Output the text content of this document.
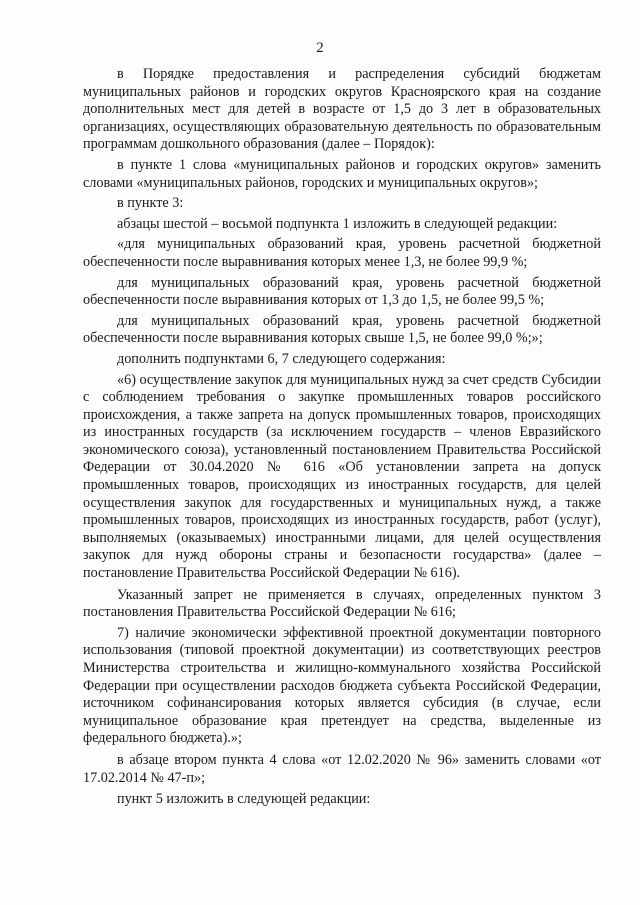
2

в Порядке предоставления и распределения субсидий бюджетам муниципальных районов и городских округов Красноярского края на создание дополнительных мест для детей в возрасте от 1,5 до 3 лет в образовательных организациях, осуществляющих образовательную деятельность по образовательным программам дошкольного образования (далее – Порядок):

в пункте 1 слова «муниципальных районов и городских округов» заменить словами «муниципальных районов, городских и муниципальных округов»;

в пункте 3:

абзацы шестой – восьмой подпункта 1 изложить в следующей редакции:

«для муниципальных образований края, уровень расчетной бюджетной обеспеченности после выравнивания которых менее 1,3, не более 99,9 %;

для муниципальных образований края, уровень расчетной бюджетной обеспеченности после выравнивания которых от 1,3 до 1,5, не более 99,5 %;

для муниципальных образований края, уровень расчетной бюджетной обеспеченности после выравнивания которых свыше 1,5, не более 99,0 %;»;

дополнить подпунктами 6, 7 следующего содержания:

«6) осуществление закупок для муниципальных нужд за счет средств Субсидии с соблюдением требования о закупке промышленных товаров российского происхождения, а также запрета на допуск промышленных товаров, происходящих из иностранных государств (за исключением государств – членов Евразийского экономического союза), установленный постановлением Правительства Российской Федерации от 30.04.2020 № 616 «Об установлении запрета на допуск промышленных товаров, происходящих из иностранных государств, для целей осуществления закупок для государственных и муниципальных нужд, а также промышленных товаров, происходящих из иностранных государств, работ (услуг), выполняемых (оказываемых) иностранными лицами, для целей осуществления закупок для нужд обороны страны и безопасности государства» (далее – постановление Правительства Российской Федерации № 616).

Указанный запрет не применяется в случаях, определенных пунктом 3 постановления Правительства Российской Федерации № 616;

7) наличие экономически эффективной проектной документации повторного использования (типовой проектной документации) из соответствующих реестров Министерства строительства и жилищно-коммунального хозяйства Российской Федерации при осуществлении расходов бюджета субъекта Российской Федерации, источником софинансирования которых является субсидия (в случае, если муниципальное образование края претендует на средства, выделенные из федерального бюджета).»;

в абзаце втором пункта 4 слова «от 12.02.2020 № 96» заменить словами «от 17.02.2014 № 47-п»;

пункт 5 изложить в следующей редакции:
